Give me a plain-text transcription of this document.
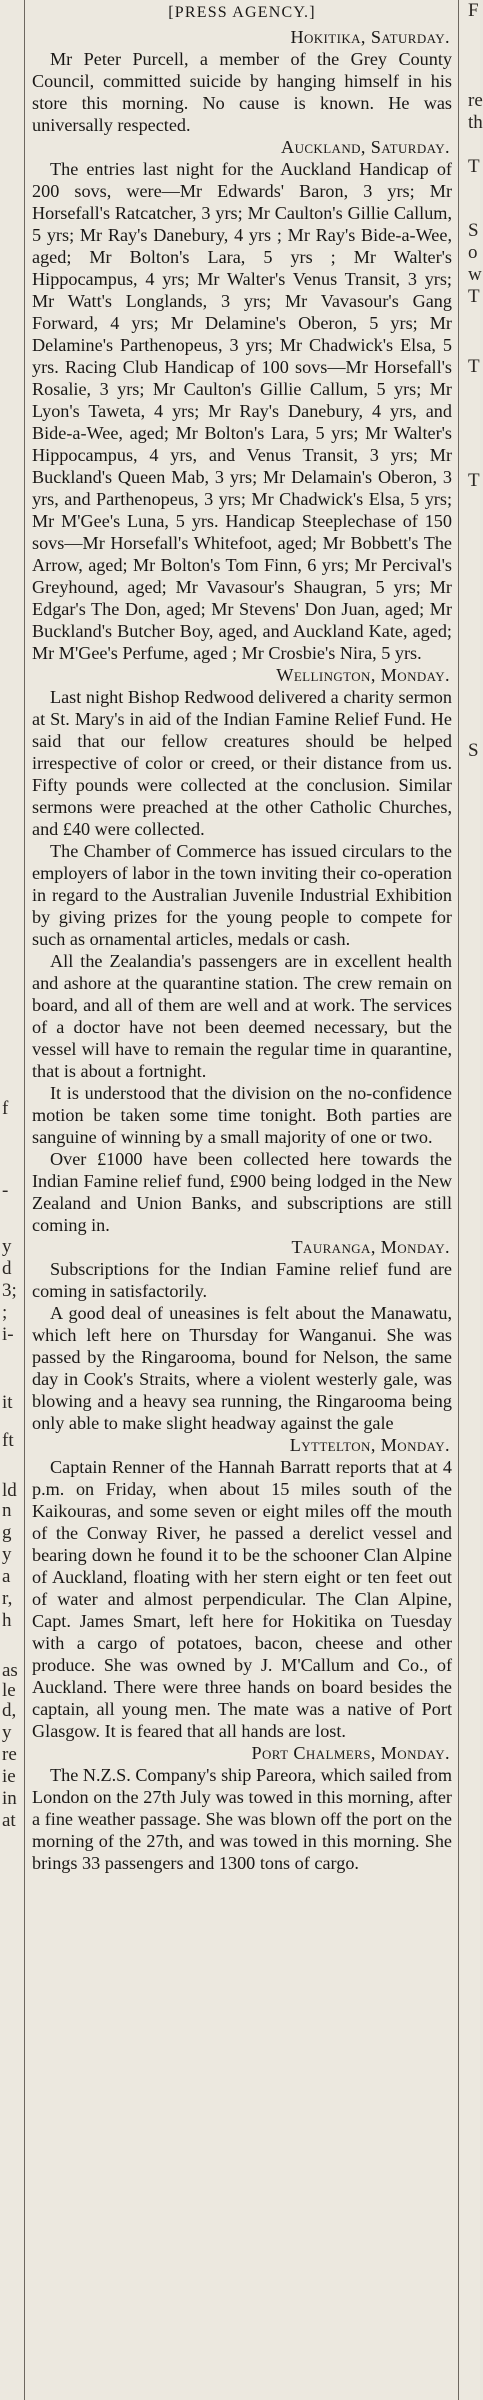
f
-
y
d
3;
;
i-
it
ft
ld
n
g
y
a
r,
h
as
le
d,
y
re
ie
in
at
[PRESS AGENCY.]
Hokitika, Saturday.

Mr Peter Purcell, a member of the Grey County Council, committed suicide by hanging himself in his store this morning. No cause is known. He was universally respected.

Auckland, Saturday.

The entries last night for the Auckland Handicap of 200 sovs, were—Mr Edwards' Baron, 3 yrs; Mr Horsefall's Ratcatcher, 3 yrs; Mr Caulton's Gillie Callum, 5 yrs; Mr Ray's Danebury, 4 yrs ; Mr Ray's Bide-a-Wee, aged; Mr Bolton's Lara, 5 yrs ; Mr Walter's Hippocampus, 4 yrs; Mr Walter's Venus Transit, 3 yrs; Mr Watt's Longlands, 3 yrs; Mr Vavasour's Gang Forward, 4 yrs; Mr Delamine's Oberon, 5 yrs; Mr Delamine's Parthenopeus, 3 yrs; Mr Chadwick's Elsa, 5 yrs. Racing Club Handicap of 100 sovs—Mr Horsefall's Rosalie, 3 yrs; Mr Caulton's Gillie Callum, 5 yrs; Mr Lyon's Taweta, 4 yrs; Mr Ray's Danebury, 4 yrs, and Bide-a-Wee, aged; Mr Bolton's Lara, 5 yrs; Mr Walter's Hippocampus, 4 yrs, and Venus Transit, 3 yrs; Mr Buckland's Queen Mab, 3 yrs; Mr Delamain's Oberon, 3 yrs, and Parthenopeus, 3 yrs; Mr Chadwick's Elsa, 5 yrs; Mr M'Gee's Luna, 5 yrs. Handicap Steeplechase of 150 sovs—Mr Horsefall's Whitefoot, aged; Mr Bobbett's The Arrow, aged; Mr Bolton's Tom Finn, 6 yrs; Mr Percival's Greyhound, aged; Mr Vavasour's Shaugran, 5 yrs; Mr Edgar's The Don, aged; Mr Stevens' Don Juan, aged; Mr Buckland's Butcher Boy, aged, and Auckland Kate, aged; Mr M'Gee's Perfume, aged ; Mr Crosbie's Nira, 5 yrs.

Wellington, Monday.

Last night Bishop Redwood delivered a charity sermon at St. Mary's in aid of the Indian Famine Relief Fund. He said that our fellow creatures should be helped irrespective of color or creed, or their distance from us. Fifty pounds were collected at the conclusion. Similar sermons were preached at the other Catholic Churches, and £40 were collected.

The Chamber of Commerce has issued circulars to the employers of labor in the town inviting their co-operation in regard to the Australian Juvenile Industrial Exhibition by giving prizes for the young people to compete for such as ornamental articles, medals or cash.

All the Zealandia's passengers are in excellent health and ashore at the quarantine station. The crew remain on board, and all of them are well and at work. The services of a doctor have not been deemed necessary, but the vessel will have to remain the regular time in quarantine, that is about a fortnight.

It is understood that the division on the no-confidence motion be taken some time tonight. Both parties are sanguine of winning by a small majority of one or two.

Over £1000 have been collected here towards the Indian Famine relief fund, £900 being lodged in the New Zealand and Union Banks, and subscriptions are still coming in.

Tauranga, Monday.

Subscriptions for the Indian Famine relief fund are coming in satisfactorily.

A good deal of uneasines is felt about the Manawatu, which left here on Thursday for Wanganui. She was passed by the Ringarooma, bound for Nelson, the same day in Cook's Straits, where a violent westerly gale, was blowing and a heavy sea running, the Ringarooma being only able to make slight headway against the gale

Lyttelton, Monday.

Captain Renner of the Hannah Barratt reports that at 4 p.m. on Friday, when about 15 miles south of the Kaikouras, and some seven or eight miles off the mouth of the Conway River, he passed a derelict vessel and bearing down he found it to be the schooner Clan Alpine of Auckland, floating with her stern eight or ten feet out of water and almost perpendicular. The Clan Alpine, Capt. James Smart, left here for Hokitika on Tuesday with a cargo of potatoes, bacon, cheese and other produce. She was owned by J. M'Callum and Co., of Auckland. There were three hands on board besides the captain, all young men. The mate was a native of Port Glasgow. It is feared that all hands are lost.

Port Chalmers, Monday.

The N.Z.S. Company's ship Pareora, which sailed from London on the 27th July was towed in this morning, after a fine weather passage. She was blown off the port on the morning of the 27th, and was towed in this morning. She brings 33 passengers and 1300 tons of cargo.

F
re
th
T
S
o
w
T
T
T
S
